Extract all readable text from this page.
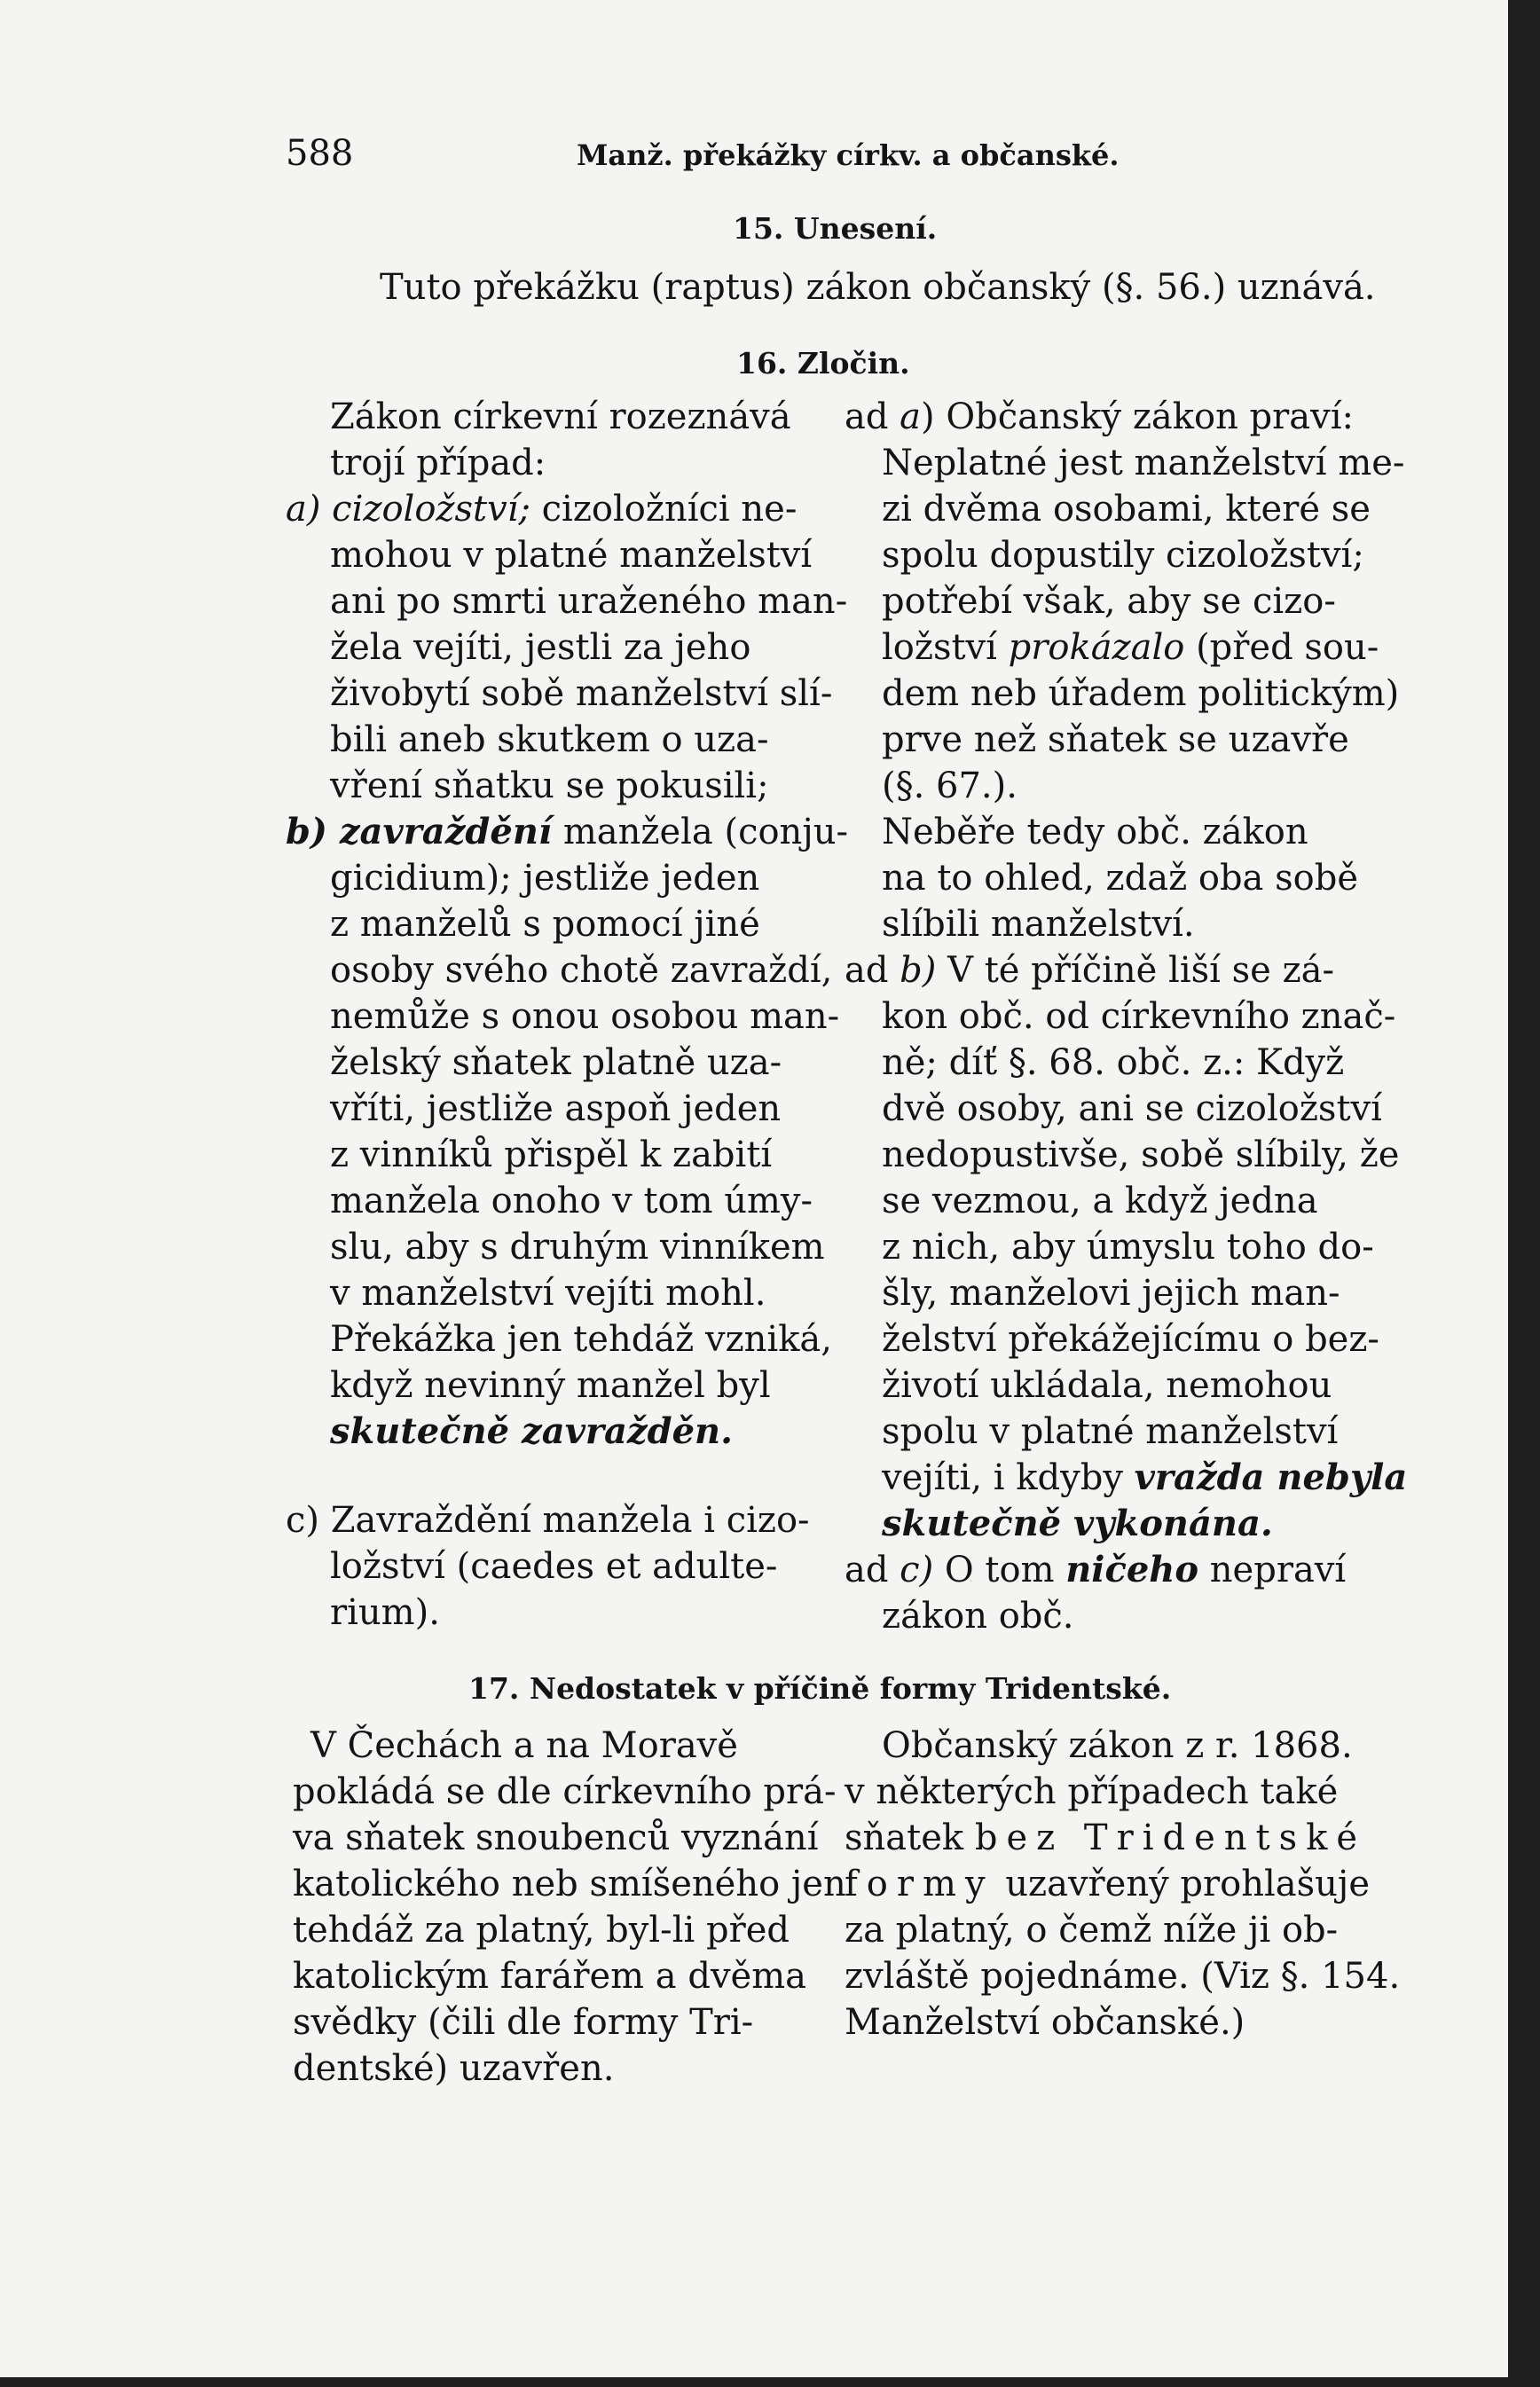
588	Manž. překážky církv. a občanské.
15. Unesení.
Tuto překážku (raptus) zákon občanský (§. 56.) uznává.
16. Zločin.
Zákon církevní rozeznává
trojí případ:
a) cizoložství; cizoložníci ne-
mohou v platné manželství
ani po smrti uraženého man-
žela vejíti, jestli za jeho
živobytí sobě manželství slí-
bili aneb skutkem o uza-
vření sňatku se pokusili;
b) zavraždění manžela (conju-
gicidium); jestliže jeden
z manželů s pomocí jiné
osoby svého chotě zavraždí,
nemůže s onou osobou man-
želský sňatek platně uza-
vříti, jestliže aspoň jeden
z vinníků přispěl k zabití
manžela onoho v tom úmy-
slu, aby s druhým vinníkem
v manželství vejíti mohl.
Překážka jen tehdáž vzniká,
když nevinný manžel byl
skutečně zavražděn.
c) Zavraždění manžela i cizo-
ložství (caedes et adulte-
rium).
ad a) Občanský zákon praví:
Neplatné jest manželství me-
zi dvěma osobami, které se
spolu dopustily cizoložství;
potřebí však, aby se cizo-
ložství prokázalo (před sou-
dem neb úřadem politickým)
prve než sňatek se uzavře
(§. 67.).
Neběře tedy obč. zákon
na to ohled, zdaž oba sobě
slíbili manželství.
ad b) V té příčině liší se zá-
kon obč. od církevního znač-
ně; díť §. 68. obč. z.: Když
dvě osoby, ani se cizoložství
nedopustivše, sobě slíbily, že
se vezmou, a když jedna
z nich, aby úmyslu toho do-
šly, manželovi jejich man-
želství překážejícímu o bez-
životí ukládala, nemohou
spolu v platné manželství
vejíti, i kdyby vražda nebyla
skutečně vykonána.
ad c) O tom ničeho nepraví
zákon obč.
17. Nedostatek v příčině formy Tridentské.
V Čechách a na Moravě
pokládá se dle církevního prá-
va sňatek snoubenců vyznání
katolického neb smíšeného jen
tehdáž za platný, byl-li před
katolickým farářem a dvěma
svědky (čili dle formy Tri-
dentské) uzavřen.
Občanský zákon z r. 1868.
v některých případech také
sňatek bez Tridentské
formy uzavřený prohlašuje
za platný, o čemž níže ji ob-
zvláště pojednáme. (Viz §. 154.
Manželství občanské.)
